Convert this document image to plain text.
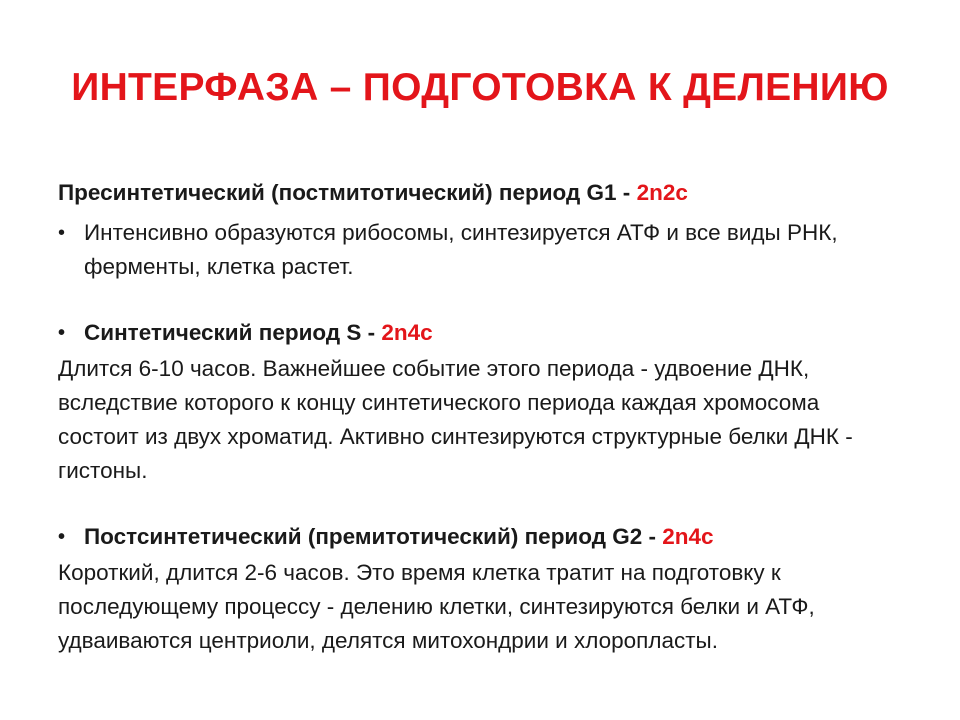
ИНТЕРФАЗА – ПОДГОТОВКА К ДЕЛЕНИЮ

Пресинтетический (постмитотический) период G1 - 2n2c

• Интенсивно образуются рибосомы, синтезируется АТФ и все виды РНК, ферменты, клетка растет.
• Синтетический период S - 2n4c

Длится 6-10 часов. Важнейшее событие этого периода - удвоение ДНК, вследствие которого к концу синтетического периода каждая хромосома состоит из двух хроматид. Активно синтезируются структурные белки ДНК - гистоны.

• Постсинтетический (премитотический) период G2 - 2n4c

Короткий, длится 2-6 часов. Это время клетка тратит на подготовку к последующему процессу - делению клетки, синтезируются белки и АТФ, удваиваются центриоли, делятся митохондрии и хлоропласты.
